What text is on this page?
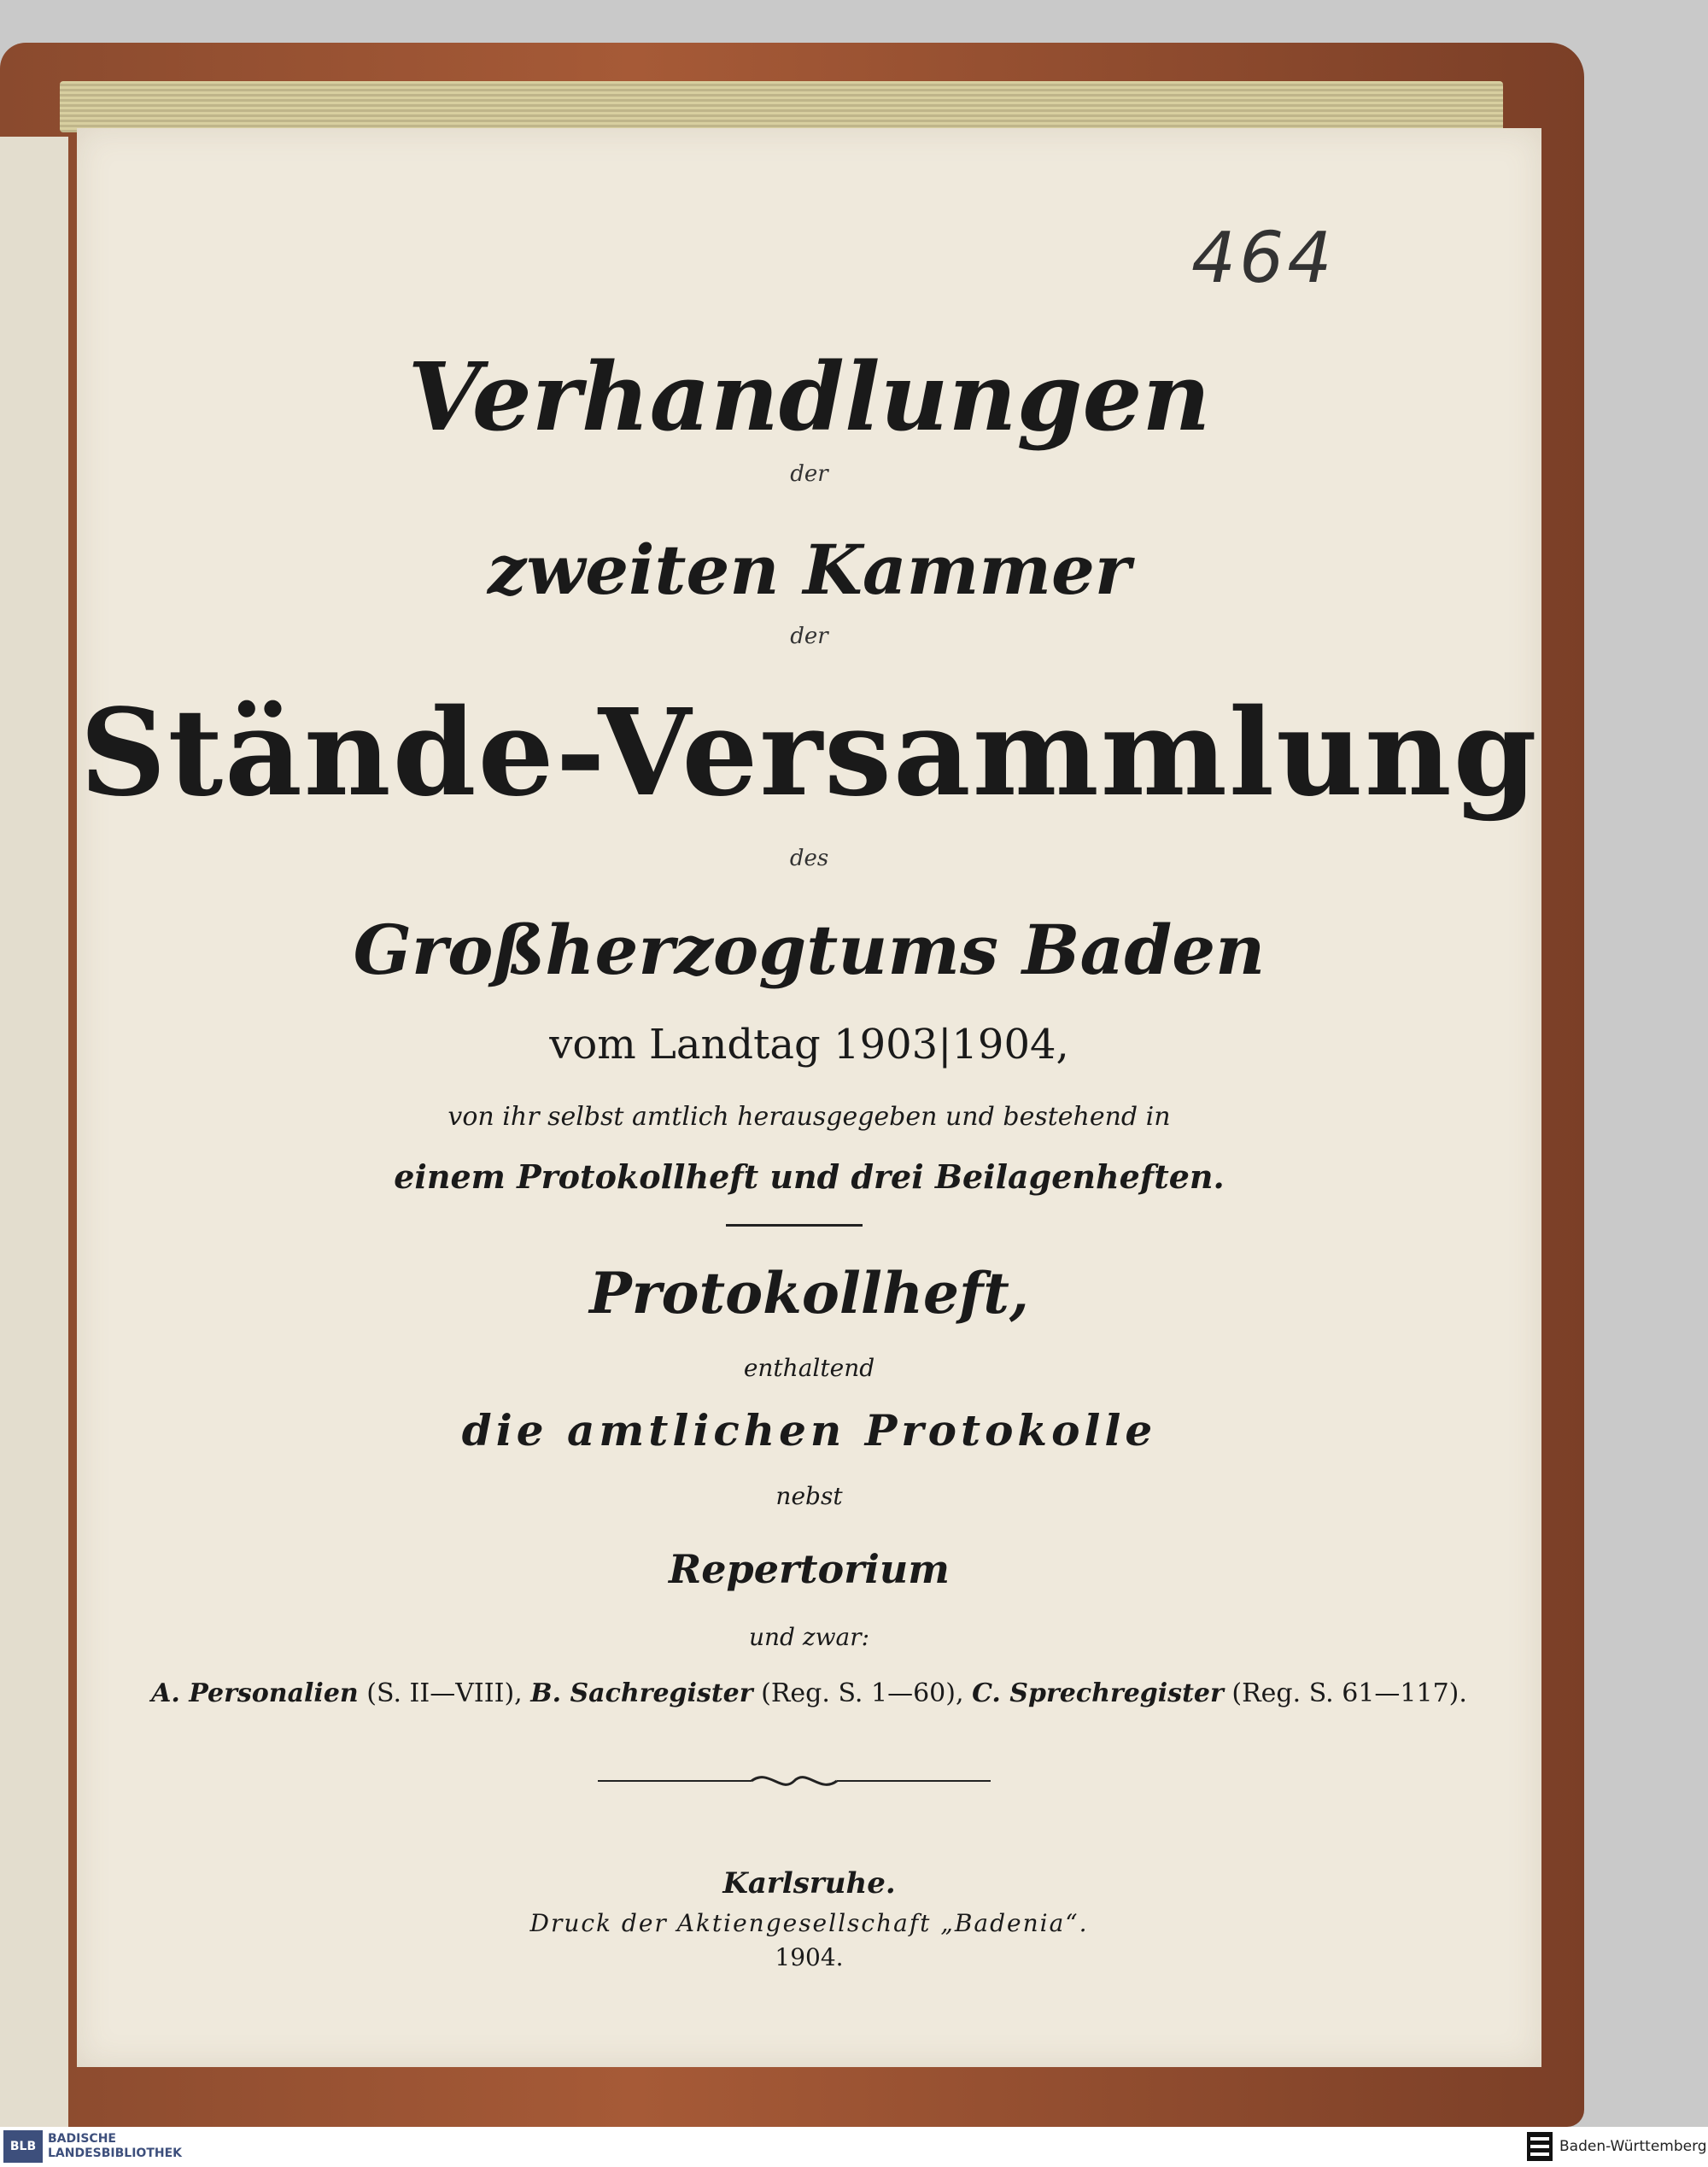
464
Verhandlungen
der
zweiten Kammer
der
Stände-Versammlung
des
Großherzogtums Baden
vom Landtag 1903|1904,
von ihr selbst amtlich herausgegeben und bestehend in
einem Protokollheft und drei Beilagenheften.
Protokollheft,
enthaltend
die amtlichen Protokolle
nebst
Repertorium
und zwar:
A. Personalien (S. II—VIII), B. Sachregister (Reg. S. 1—60), C. Sprechregister (Reg. S. 61—117).
Karlsruhe.
Druck der Aktiengesellschaft „Badenia“.
1904.
BLB
BADISCHE
LANDESBIBLIOTHEK	Baden-Württemberg
